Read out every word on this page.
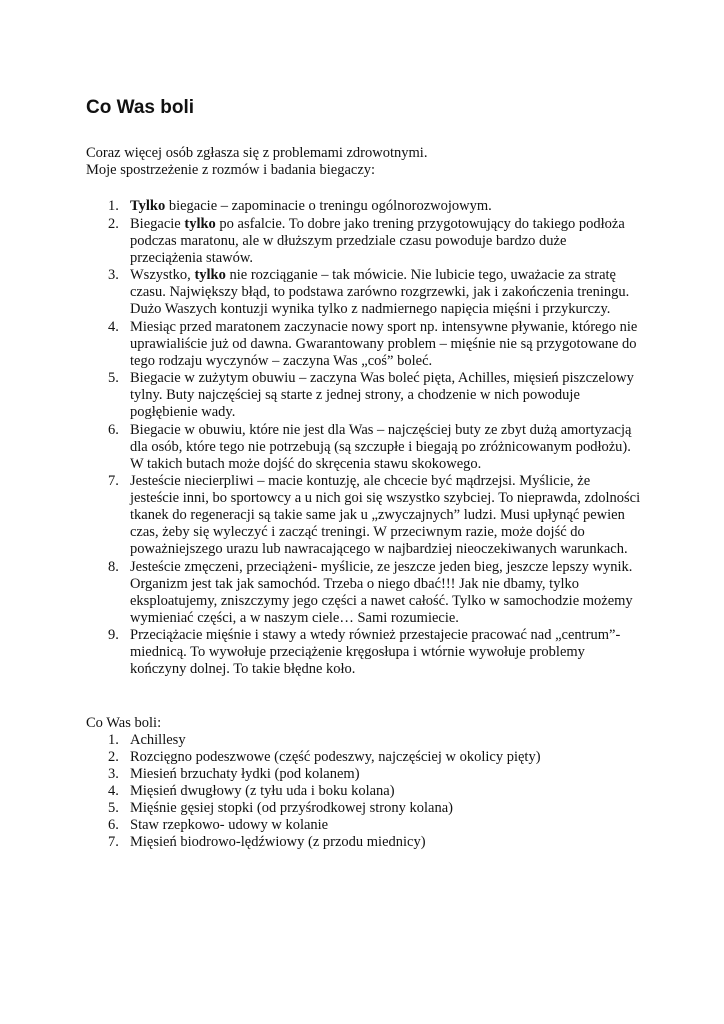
Co Was boli

Coraz więcej osób zgłasza się z problemami zdrowotnymi.

Moje spostrzeżenie z rozmów i badania biegaczy:

1. Tylko biegacie – zapominacie o treningu ogólnorozwojowym.
2. Biegacie tylko po asfalcie. To dobre jako trening przygotowujący do takiego podłoża podczas maratonu, ale w dłuższym przedziale czasu powoduje bardzo duże przeciążenia stawów.
3. Wszystko, tylko nie rozciąganie – tak mówicie. Nie lubicie tego, uważacie za stratę czasu. Największy błąd, to podstawa zarówno rozgrzewki, jak i zakończenia treningu. Dużo Waszych kontuzji wynika tylko z nadmiernego napięcia mięśni i przykurczy.
4. Miesiąc przed maratonem zaczynacie nowy sport np. intensywne pływanie, którego nie uprawialiście już od dawna. Gwarantowany problem – mięśnie nie są przygotowane do tego rodzaju wyczynów – zaczyna Was „coś” boleć.
5. Biegacie w zużytym obuwiu – zaczyna Was boleć pięta, Achilles, mięsień piszczelowy tylny. Buty najczęściej są starte z jednej strony, a chodzenie w nich powoduje pogłębienie wady.
6. Biegacie w obuwiu, które nie jest dla Was – najczęściej buty ze zbyt dużą amortyzacją dla osób, które tego nie potrzebują (są szczupłe i biegają po zróżnicowanym podłożu). W takich butach może dojść do skręcenia stawu skokowego.
7. Jesteście niecierpliwi – macie kontuzję, ale chcecie być mądrzejsi. Myślicie, że jesteście inni, bo sportowcy a u nich goi się wszystko szybciej. To nieprawda, zdolności tkanek do regeneracji są takie same jak u „zwyczajnych” ludzi. Musi upłynąć pewien czas, żeby się wyleczyć i zacząć treningi. W przeciwnym razie, może dojść do poważniejszego urazu lub nawracającego w najbardziej nieoczekiwanych warunkach.
8. Jesteście zmęczeni, przeciążeni- myślicie, ze jeszcze jeden bieg, jeszcze lepszy wynik. Organizm jest tak jak samochód. Trzeba o niego dbać!!! Jak nie dbamy, tylko eksploatujemy, zniszczymy jego części a nawet całość. Tylko w samochodzie możemy wymieniać części, a w naszym ciele… Sami rozumiecie.
9. Przeciążacie mięśnie i stawy a wtedy również przestajecie pracować nad „centrum”- miednicą. To wywołuje przeciążenie kręgosłupa i wtórnie wywołuje problemy kończyny dolnej. To takie błędne koło.

Co Was boli:

1. Achillesy
2. Rozcięgno podeszwowe (część podeszwy, najczęściej w okolicy pięty)
3. Miesień brzuchaty łydki (pod kolanem)
4. Mięsień dwugłowy (z tyłu uda i boku kolana)
5. Mięśnie gęsiej stopki (od przyśrodkowej strony kolana)
6. Staw rzepkowo- udowy w kolanie
7. Mięsień biodrowo-lędźwiowy (z przodu miednicy)
